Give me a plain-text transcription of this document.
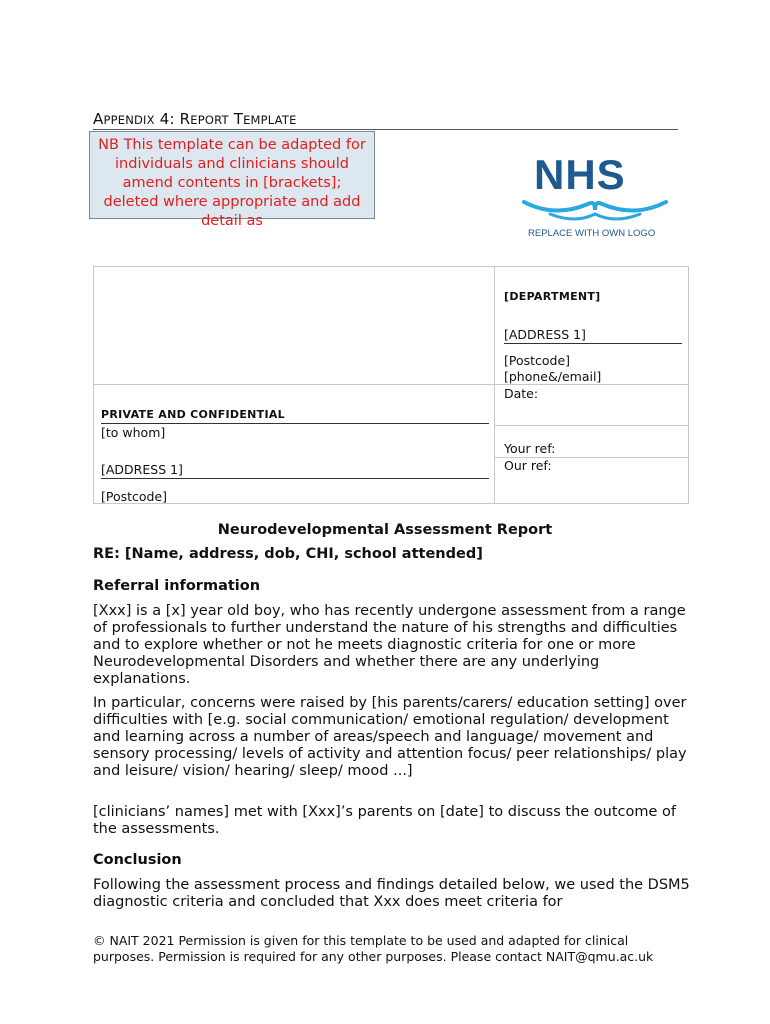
APPENDIX 4: REPORT TEMPLATE
NB This template can be adapted for individuals and clinicians should amend contents in [brackets]; deleted where appropriate and add detail as
NHS
REPLACE WITH OWN LOGO
[DEPARTMENT]
[ADDRESS 1]
[Postcode]
[phone&/email]
Date:
Your ref:
Our ref:
PRIVATE AND CONFIDENTIAL
[to whom]
[ADDRESS 1]
[Postcode]
Neurodevelopmental Assessment Report
RE: [Name, address, dob, CHI, school attended]
Referral information
[Xxx] is a [x] year old boy, who has recently undergone assessment from a range of professionals to further understand the nature of his strengths and difficulties and to explore whether or not he meets diagnostic criteria for one or more Neurodevelopmental Disorders and whether there are any underlying explanations.
In particular, concerns were raised by [his parents/carers/ education setting] over difficulties with [e.g. social communication/ emotional regulation/ development and learning across a number of areas/speech and language/ movement and sensory processing/ levels of activity and attention focus/ peer relationships/ play and leisure/ vision/ hearing/ sleep/ mood ...]
[clinicians’ names] met with [Xxx]’s parents on [date] to discuss the outcome of the assessments.
Conclusion
Following the assessment process and findings detailed below, we used the DSM5 diagnostic criteria and concluded that Xxx does meet criteria for
© NAIT 2021 Permission is given for this template to be used and adapted for clinical purposes. Permission is required for any other purposes. Please contact NAIT@qmu.ac.uk
